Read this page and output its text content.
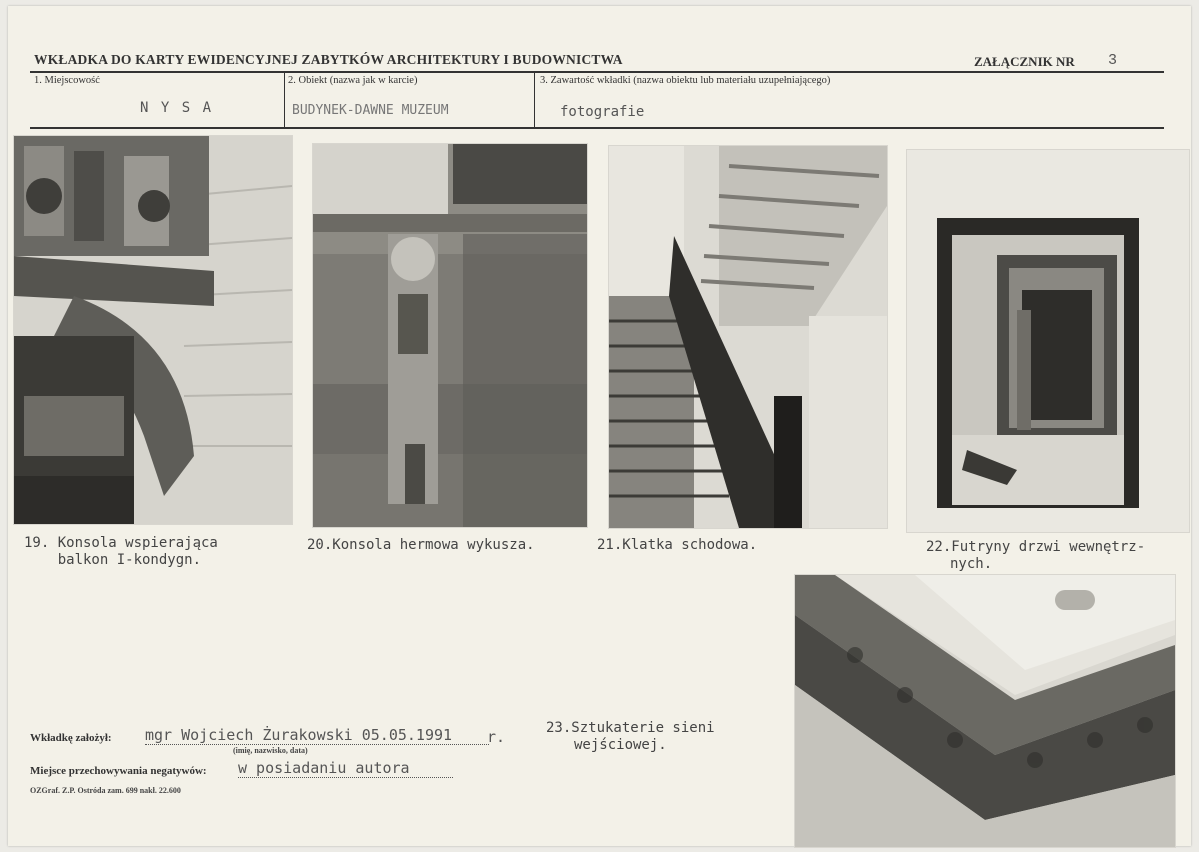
WKŁADKA DO KARTY EWIDENCYJNEJ ZABYTKÓW ARCHITEKTURY I BUDOWNICTWA	ZAŁĄCZNIK NR 3
1. Miejscowość
N Y S A
2. Obiekt (nazwa jak w karcie)
BUDYNEK-DAWNE MUZEUM
3. Zawartość wkładki (nazwa obiektu lub materiału uzupełniającego)
fotografie
19. Konsola wspierająca
balkon I-kondygn.
20.Konsola hermowa wykusza.	21.Klatka schodowa.	22.Futryny drzwi wewnętrz-
nych.
23.Sztukaterie sieni
wejściowej.
Wkładkę założył: mgr Wojciech Żurakowski 05.05.1991	r.
(imię, nazwisko, data)
Miejsce przechowywania negatywów: w posiadaniu autora
OZGraf. Z.P. Ostróda zam. 699 nakł. 22.600
